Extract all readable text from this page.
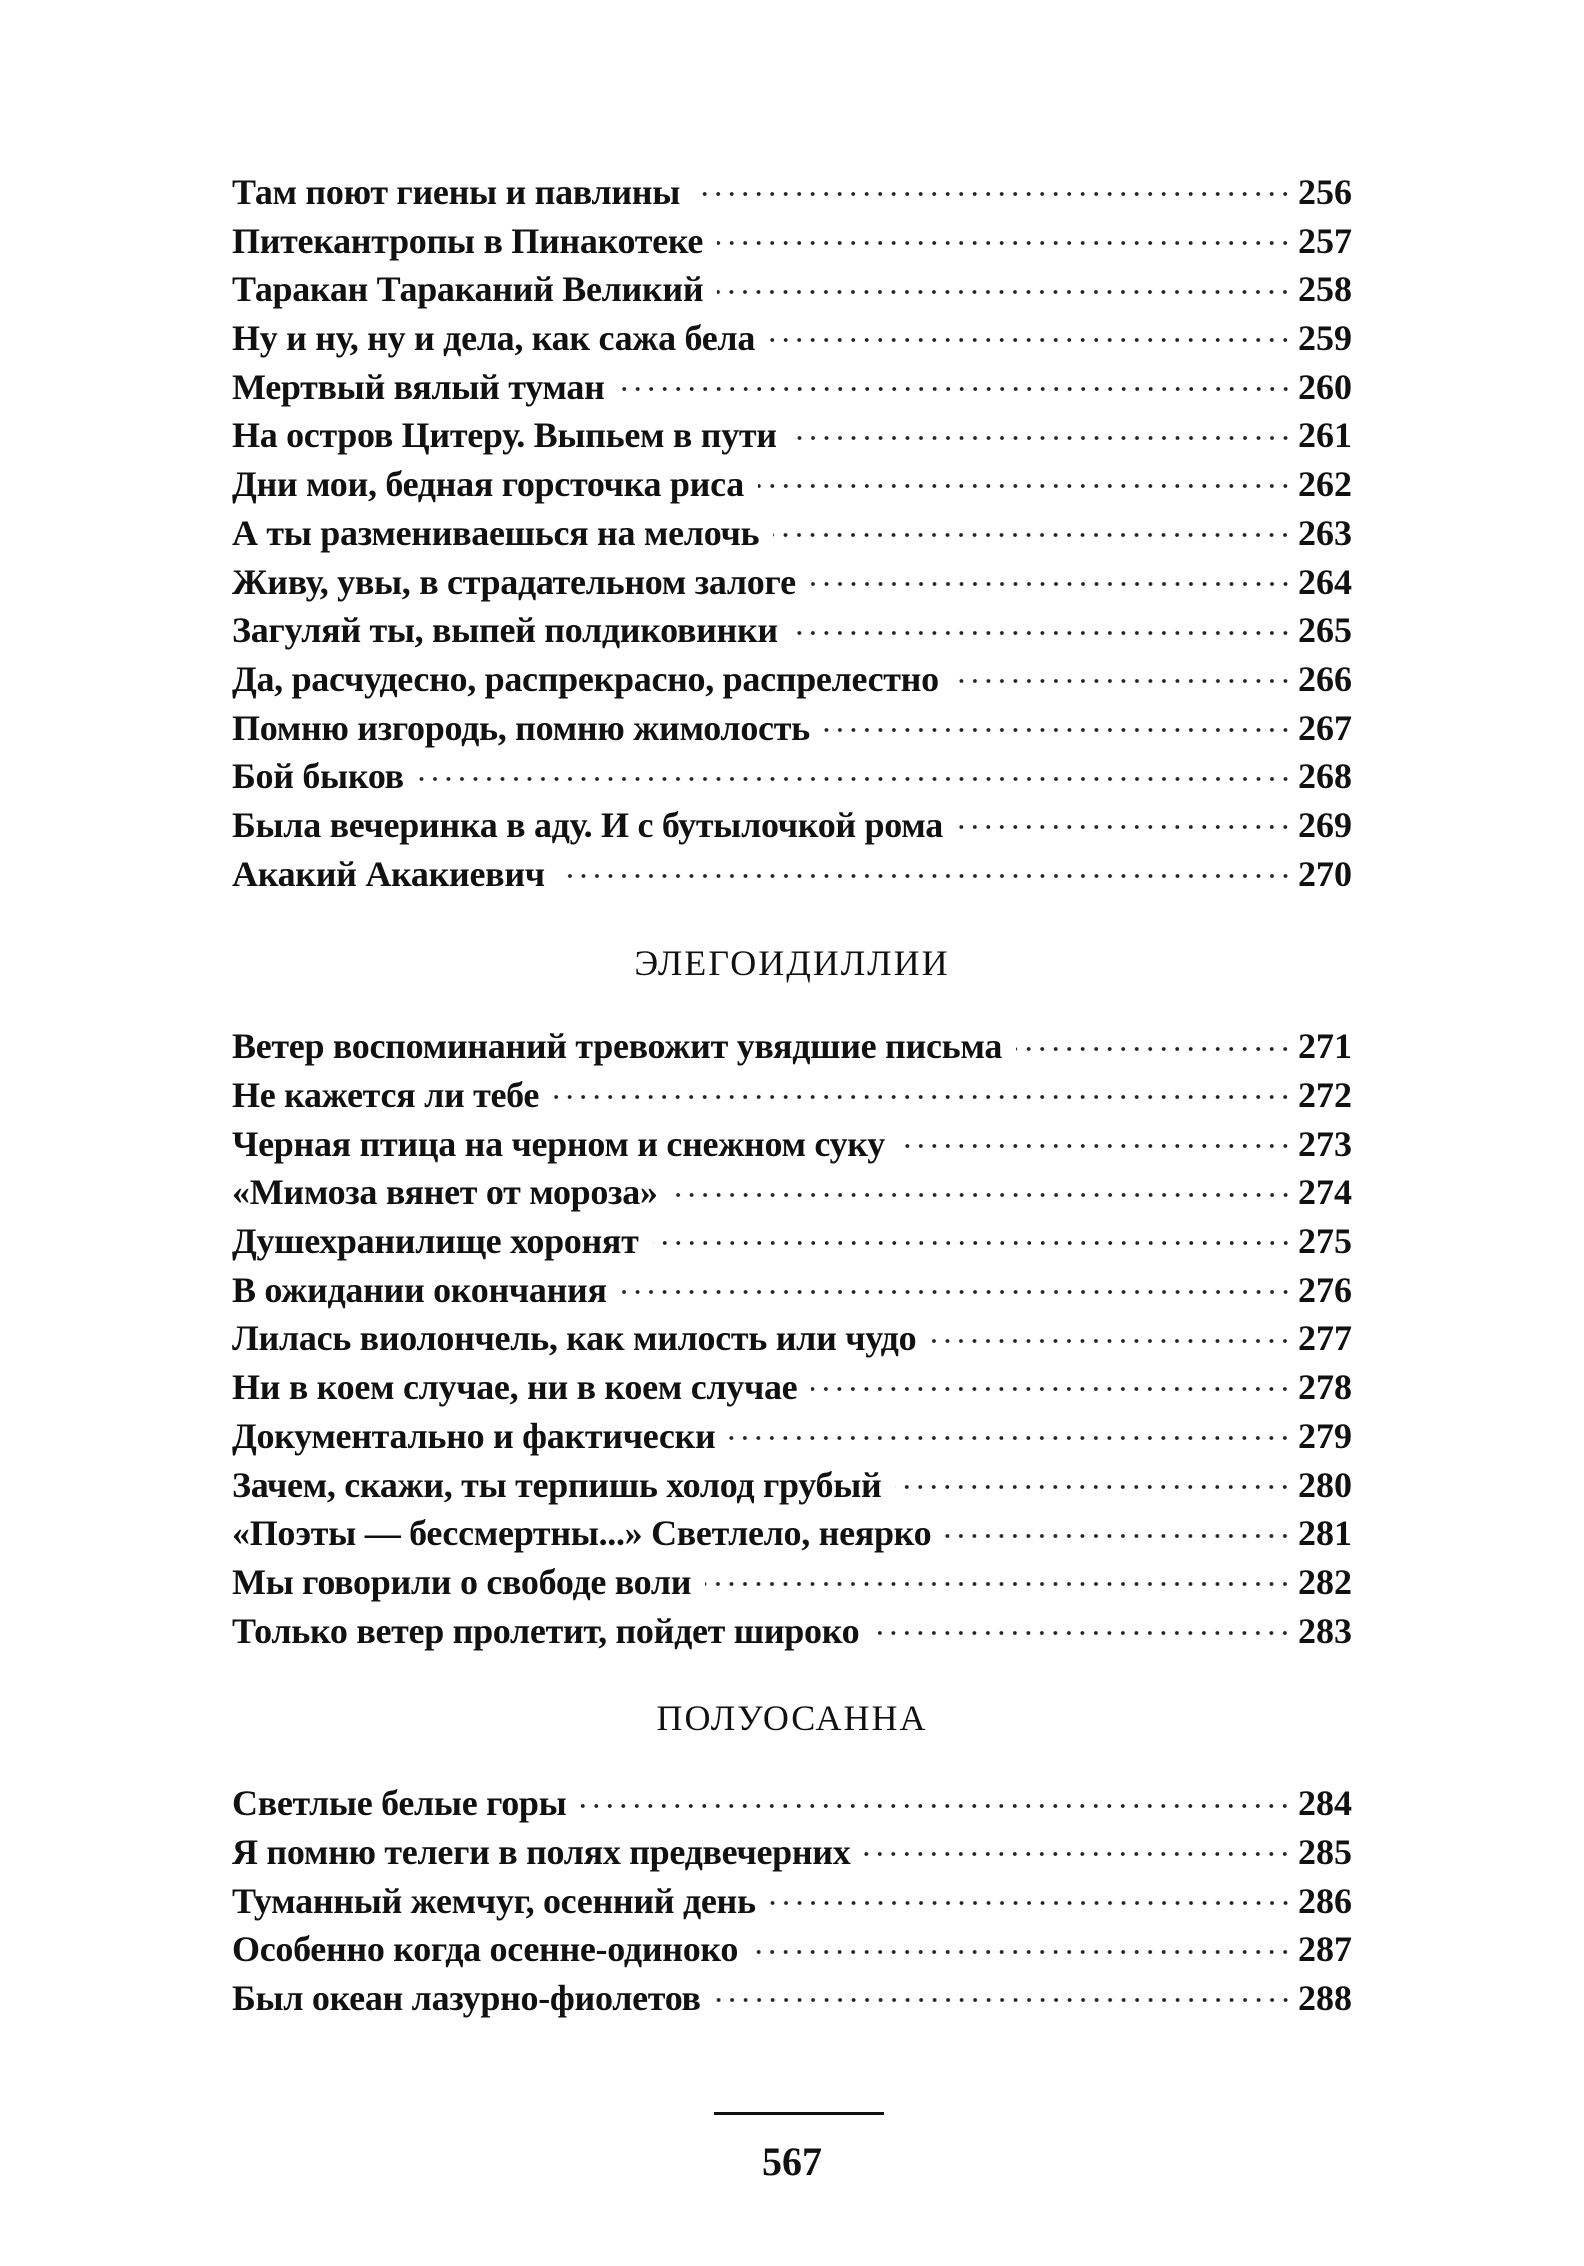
Там поют гиены и павлины	256
Питекантропы в Пинакотеке	257
Таракан Тараканий Великий	258
Ну и ну, ну и дела, как сажа бела	259
Мертвый вялый туман	260
На остров Цитеру. Выпьем в пути	261
Дни мои, бедная горсточка риса	262
А ты размениваешься на мелочь	263
Живу, увы, в страдательном залоге	264
Загуляй ты, выпей полдиковинки	265
Да, расчудесно, распрекрасно, распрелестно	266
Помню изгородь, помню жимолость	267
Бой быков	268
Была вечеринка в аду. И с бутылочкой рома	269
Акакий Акакиевич	270
ЭЛЕГОИДИЛЛИИ
Ветер воспоминаний тревожит увядшие письма	271
Не кажется ли тебе	272
Черная птица на черном и снежном суку	273
«Мимоза вянет от мороза»	274
Душехранилище хоронят	275
В ожидании окончания	276
Лилась виолончель, как милость или чудо	277
Ни в коем случае, ни в коем случае	278
Документально и фактически	279
Зачем, скажи, ты терпишь холод грубый	280
«Поэты — бессмертны...» Светлело, неярко	281
Мы говорили о свободе воли	282
Только ветер пролетит, пойдет широко	283
ПОЛУОСАННА
Светлые белые горы	284
Я помню телеги в полях предвечерних	285
Туманный жемчуг, осенний день	286
Особенно когда осенне-одиноко	287
Был океан лазурно-фиолетов	288
567
